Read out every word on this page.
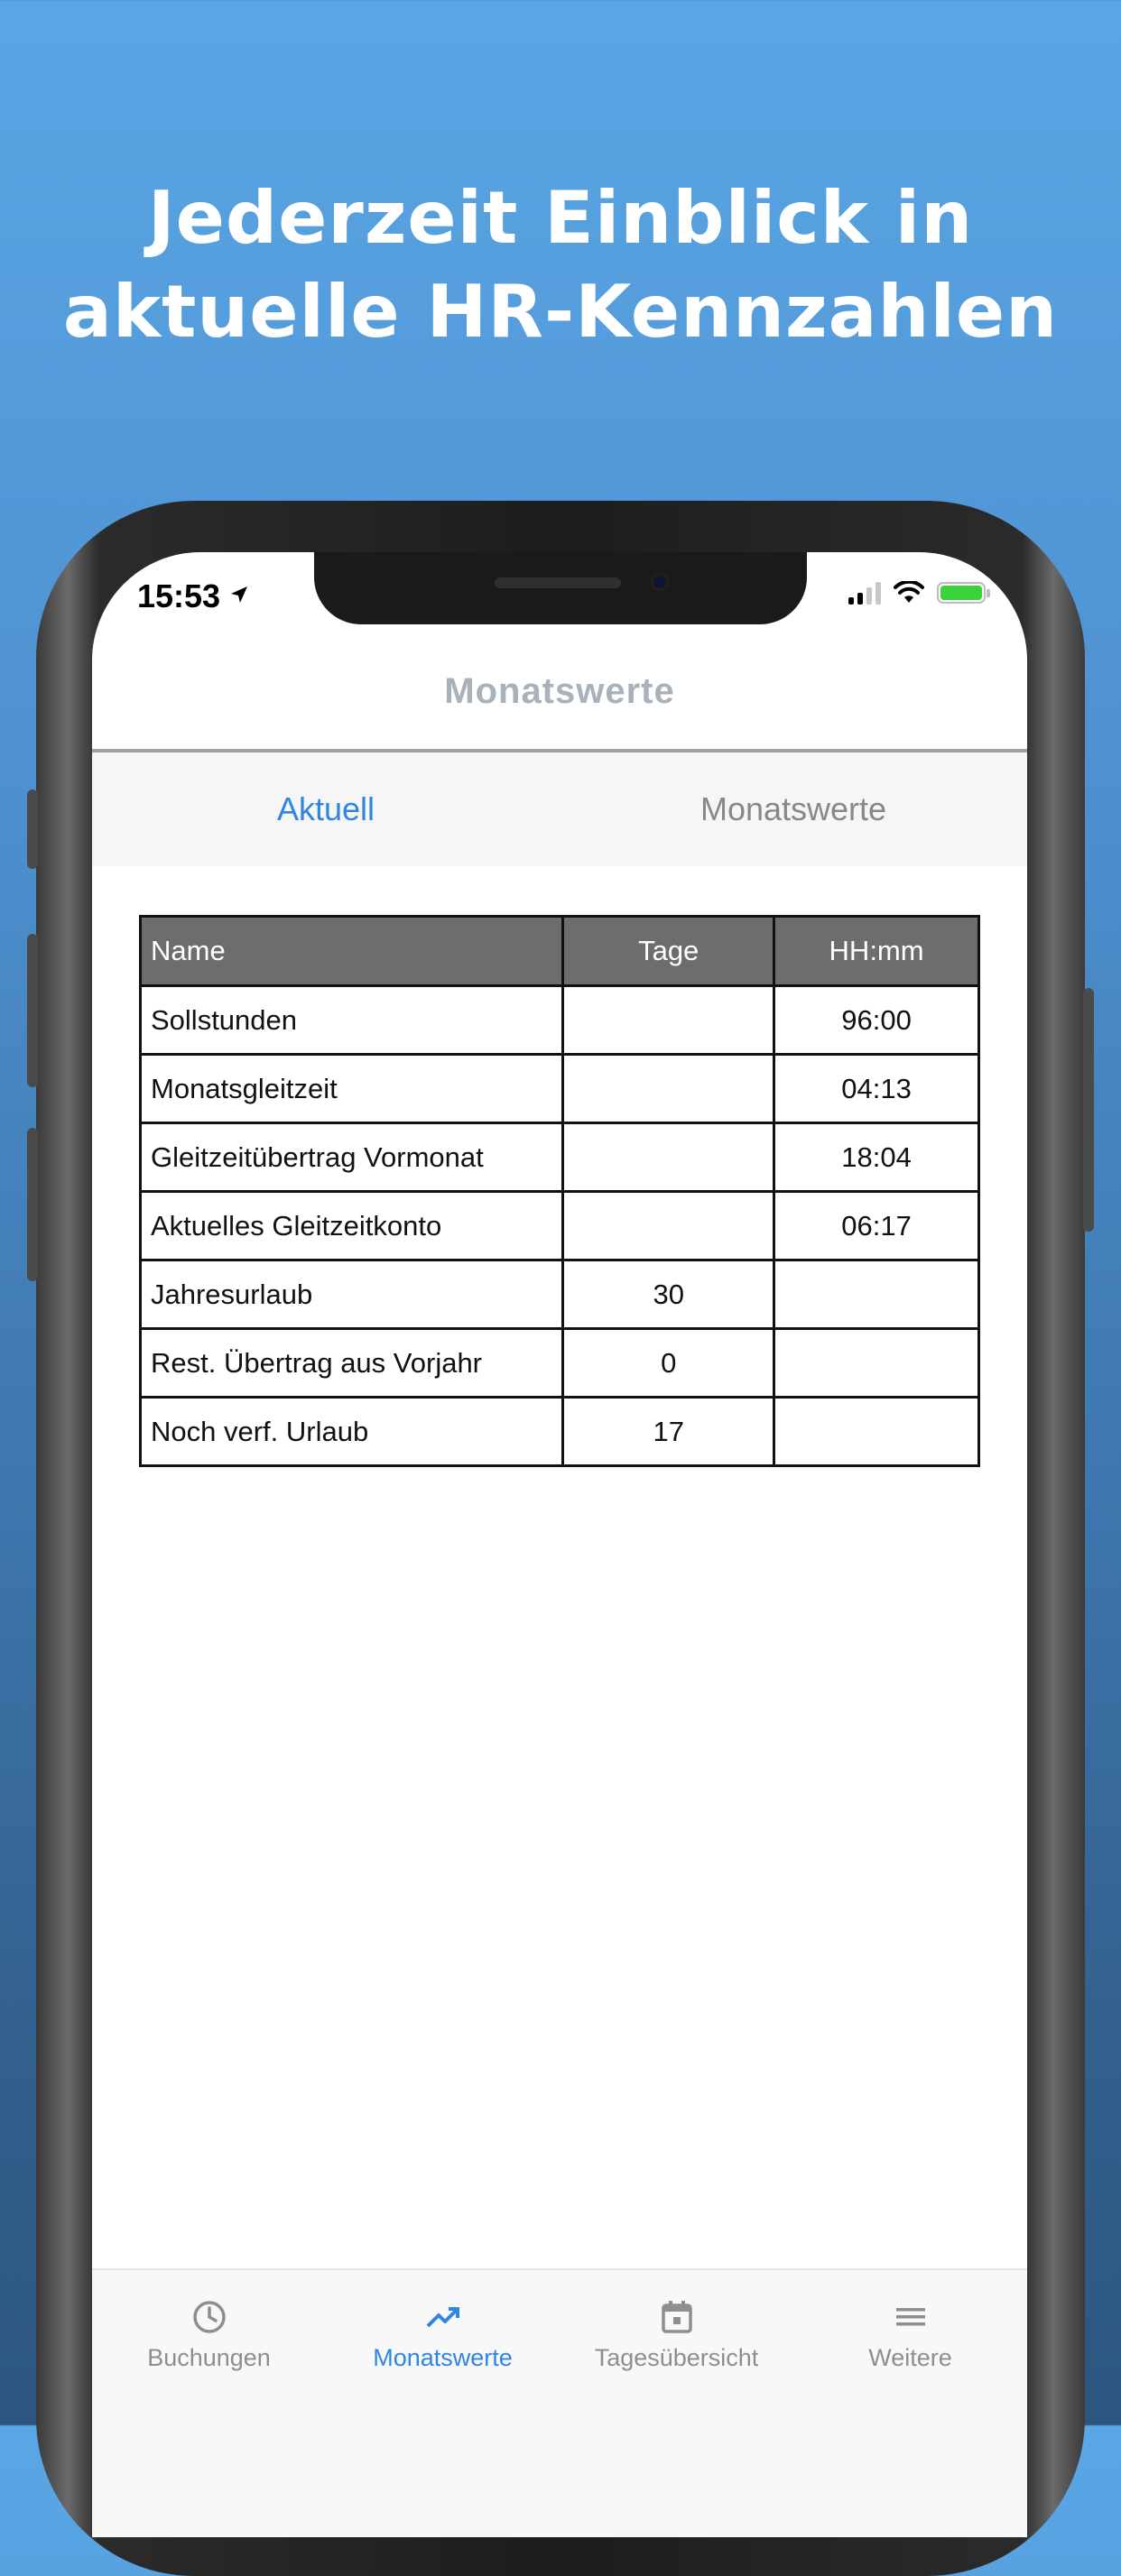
Jederzeit Einblick in
aktuelle HR-Kennzahlen
15:53
Monatswerte
Aktuell	Monatswerte
Name	Tage	HH:mm
Sollstunden		96:00
Monatsgleitzeit		04:13
Gleitzeitübertrag Vormonat		18:04
Aktuelles Gleitzeitkonto		06:17
Jahresurlaub	30	
Rest. Übertrag aus Vorjahr	0	
Noch verf. Urlaub	17	
Buchungen	Monatswerte	Tagesübersicht	Weitere
